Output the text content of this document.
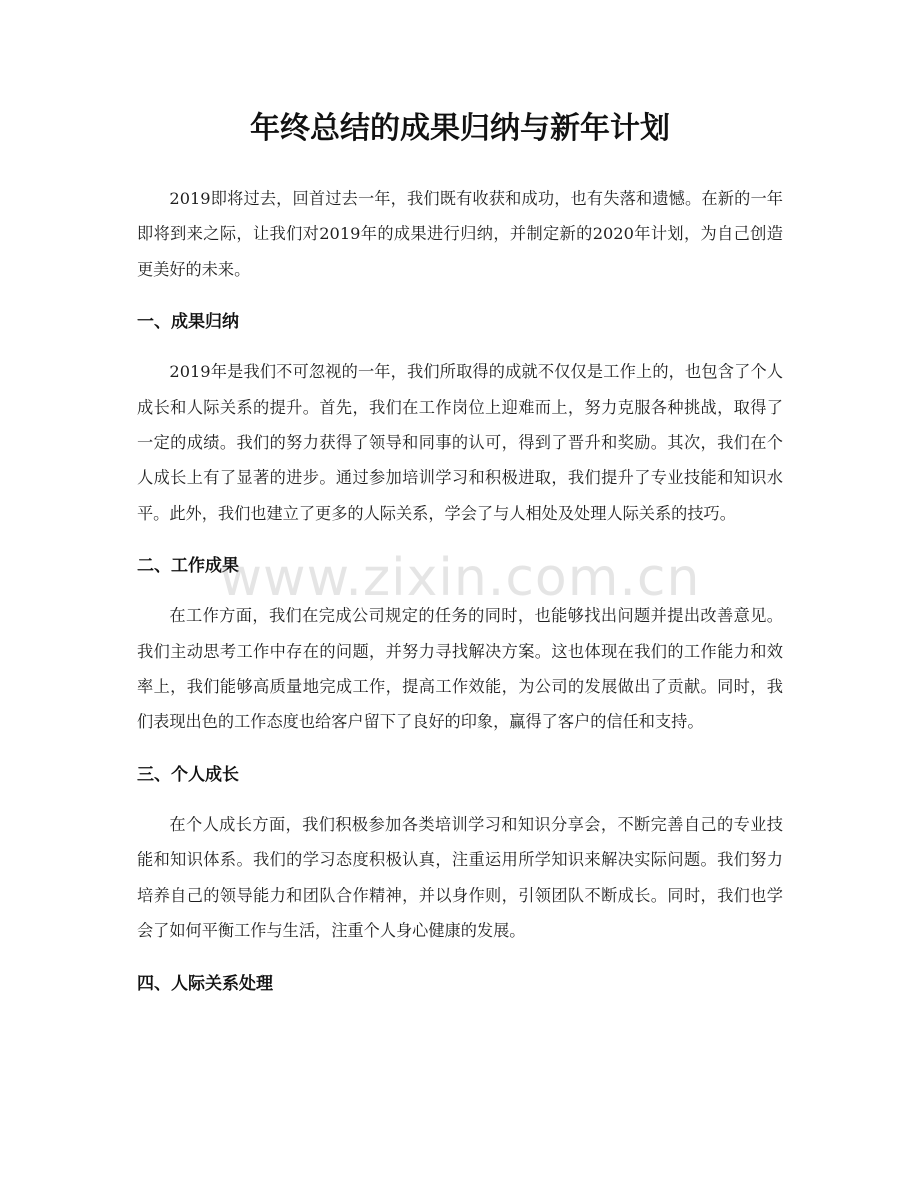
年终总结的成果归纳与新年计划

2019即将过去，回首过去一年，我们既有收获和成功，也有失落和遗憾。在新的一年即将到来之际，让我们对2019年的成果进行归纳，并制定新的2020年计划，为自己创造更美好的未来。

一、成果归纳

2019年是我们不可忽视的一年，我们所取得的成就不仅仅是工作上的，也包含了个人成长和人际关系的提升。首先，我们在工作岗位上迎难而上，努力克服各种挑战，取得了一定的成绩。我们的努力获得了领导和同事的认可，得到了晋升和奖励。其次，我们在个人成长上有了显著的进步。通过参加培训学习和积极进取，我们提升了专业技能和知识水平。此外，我们也建立了更多的人际关系，学会了与人相处及处理人际关系的技巧。

二、工作成果

在工作方面，我们在完成公司规定的任务的同时，也能够找出问题并提出改善意见。我们主动思考工作中存在的问题，并努力寻找解决方案。这也体现在我们的工作能力和效率上，我们能够高质量地完成工作，提高工作效能，为公司的发展做出了贡献。同时，我们表现出色的工作态度也给客户留下了良好的印象，赢得了客户的信任和支持。

三、个人成长

在个人成长方面，我们积极参加各类培训学习和知识分享会，不断完善自己的专业技能和知识体系。我们的学习态度积极认真，注重运用所学知识来解决实际问题。我们努力培养自己的领导能力和团队合作精神，并以身作则，引领团队不断成长。同时，我们也学会了如何平衡工作与生活，注重个人身心健康的发展。

四、人际关系处理
www.zixin.com.cn
